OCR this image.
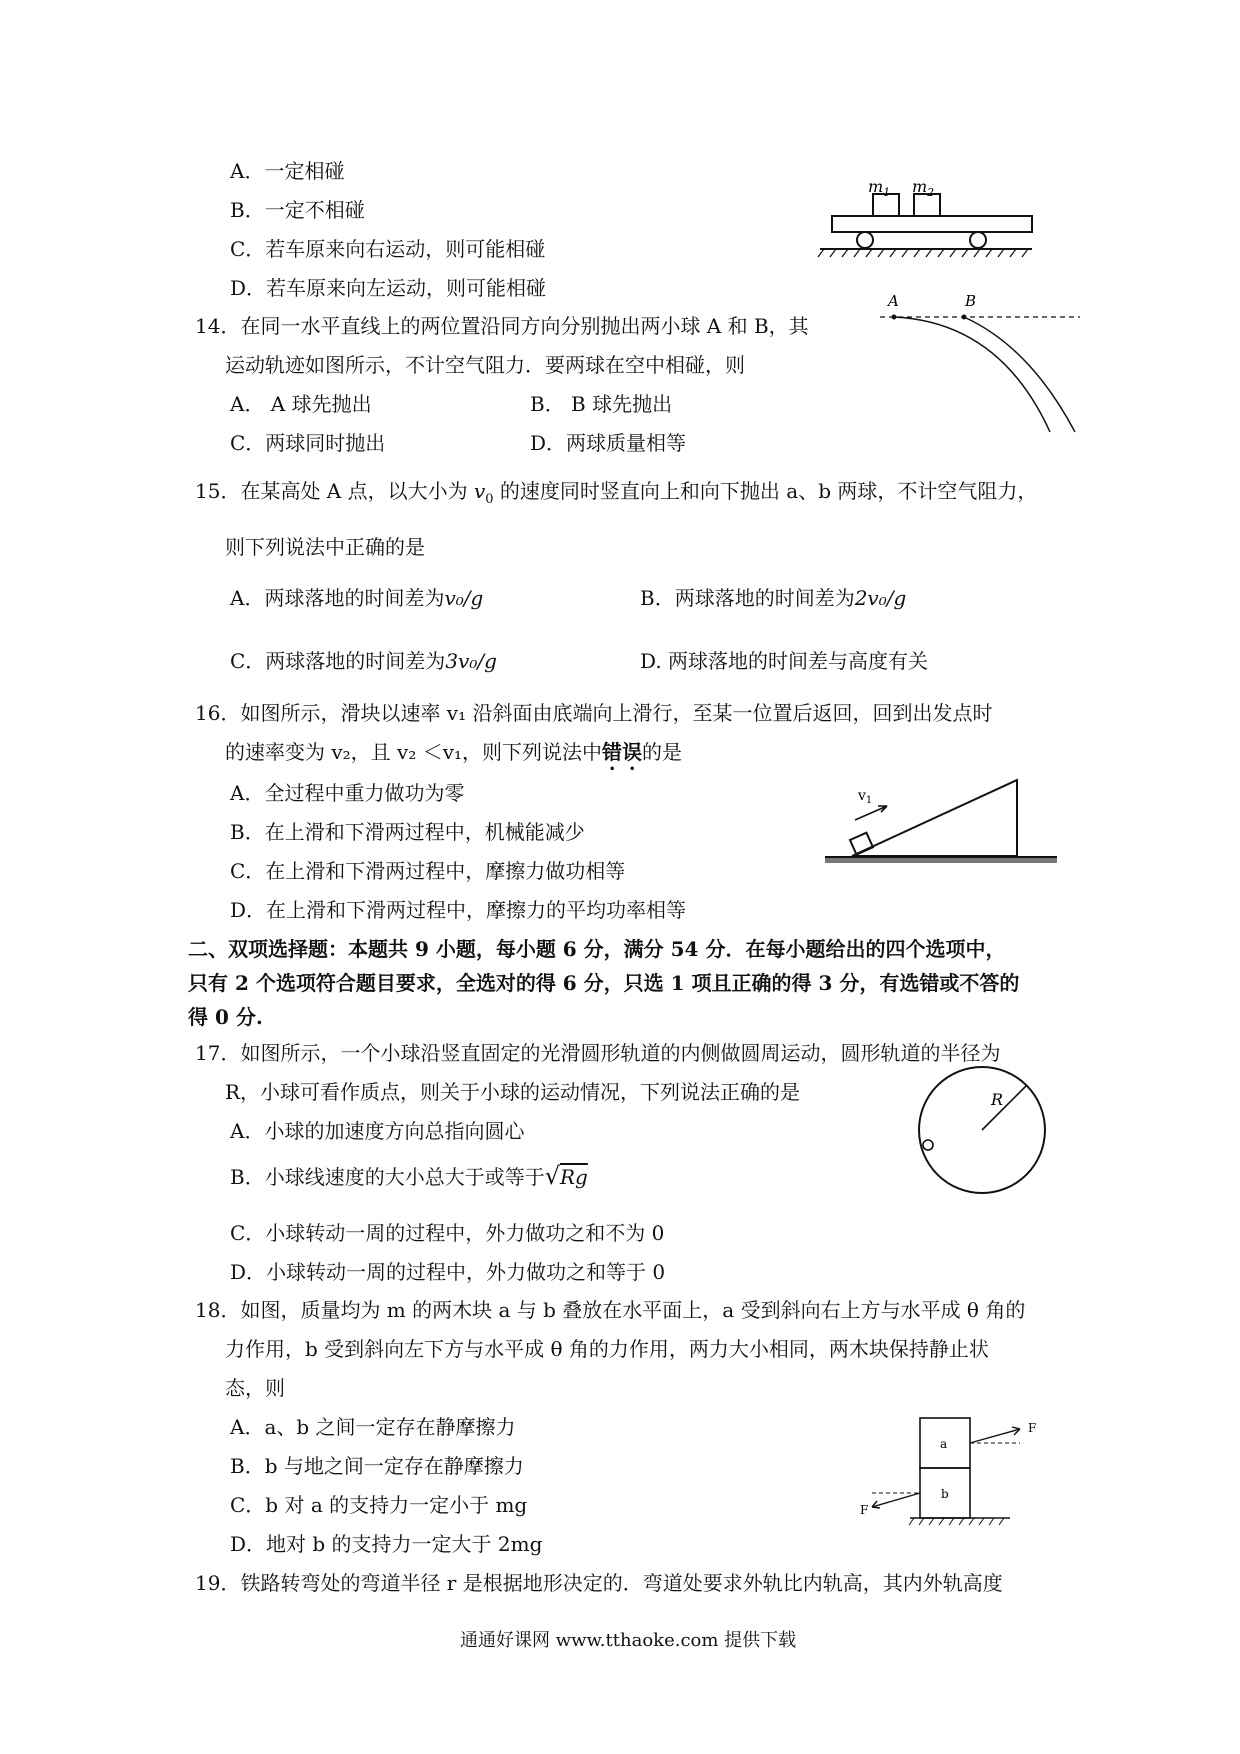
A．一定相碰
B．一定不相碰
C．若车原来向右运动，则可能相碰
D．若车原来向左运动，则可能相碰
$m_1$ $m_2$
14．在同一水平直线上的两位置沿同方向分别抛出两小球 A 和 B，其
运动轨迹如图所示，不计空气阻力．要两球在空中相碰，则
A． A 球先抛出	B． B 球先抛出
C．两球同时抛出	D．两球质量相等
A	B
15．在某高处 A 点，以大小为 $v_0$ 的速度同时竖直向上和向下抛出 a、b 两球，不计空气阻力，
则下列说法中正确的是
A．两球落地的时间差为v₀/g	B．两球落地的时间差为2v₀/g
C．两球落地的时间差为3v₀/g	D. 两球落地的时间差与高度有关
16．如图所示，滑块以速率 v₁ 沿斜面由底端向上滑行，至某一位置后返回，回到出发点时
的速率变为 v₂，且 v₂ ＜v₁，则下列说法中错误的是
A．全过程中重力做功为零
B．在上滑和下滑两过程中，机械能减少
C．在上滑和下滑两过程中，摩擦力做功相等
D．在上滑和下滑两过程中，摩擦力的平均功率相等
$v_1$
二、双项选择题：本题共 9 小题，每小题 6 分，满分 54 分．在每小题给出的四个选项中，
只有 2 个选项符合题目要求，全选对的得 6 分，只选 1 项且正确的得 3 分，有选错或不答的
得 0 分.
17．如图所示，一个小球沿竖直固定的光滑圆形轨道的内侧做圆周运动，圆形轨道的半径为
R，小球可看作质点，则关于小球的运动情况，下列说法正确的是
A．小球的加速度方向总指向圆心
B．小球线速度的大小总大于或等于√Rg
C．小球转动一周的过程中，外力做功之和不为 0
D．小球转动一周的过程中，外力做功之和等于 0
R
18．如图，质量均为 m 的两木块 a 与 b 叠放在水平面上，a 受到斜向右上方与水平成 θ 角的
力作用，b 受到斜向左下方与水平成 θ 角的力作用，两力大小相同，两木块保持静止状
态，则
A．a、b 之间一定存在静摩擦力
B．b 与地之间一定存在静摩擦力
C．b 对 a 的支持力一定小于 mg
D．地对 b 的支持力一定大于 2mg
a
b
F
F
19．铁路转弯处的弯道半径 r 是根据地形决定的．弯道处要求外轨比内轨高，其内外轨高度
通通好课网 www.tthaoke.com 提供下载
